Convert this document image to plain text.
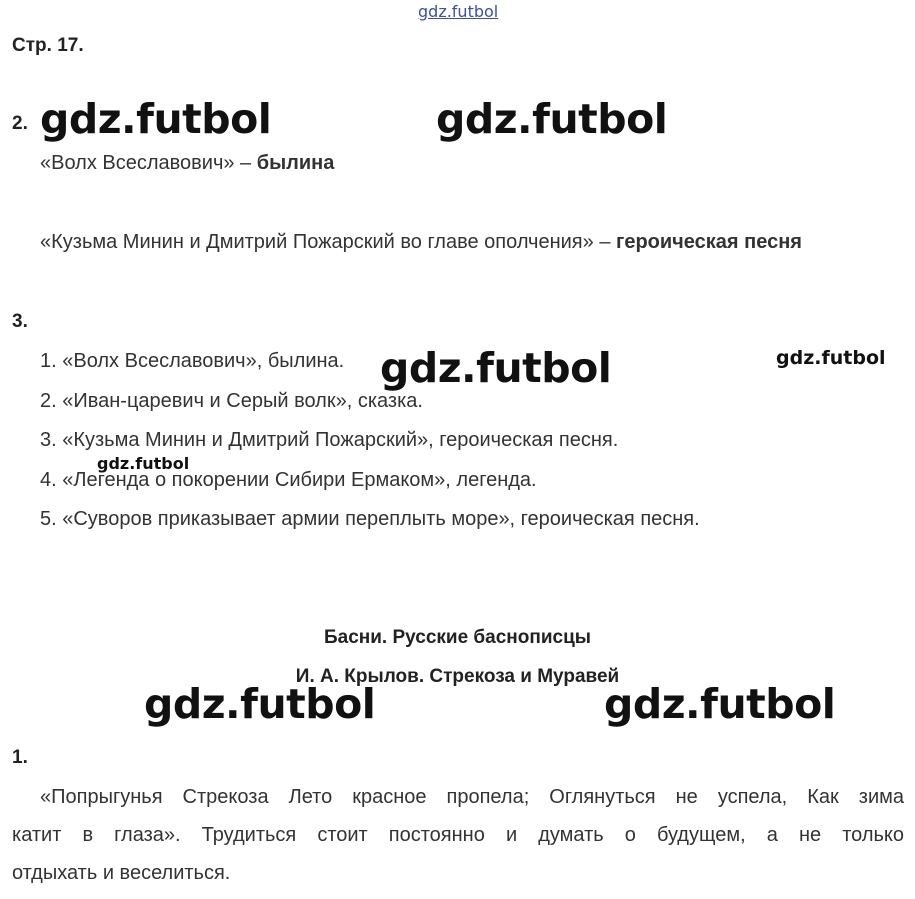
gdz.futbol
Стр. 17.
2. gdz.futbol	gdz.futbol
«Волх Всеславович» – былина
«Кузьма Минин и Дмитрий Пожарский во главе ополчения» – героическая песня
3.
1. «Волх Всеславович», былина.
2. «Иван-царевич и Серый волк», сказка.
3. «Кузьма Минин и Дмитрий Пожарский», героическая песня.
4. «Легенда о покорении Сибири Ермаком», легенда.
5. «Суворов приказывает армии переплыть море», героическая песня.
gdz.futbol	gdz.futbol
gdz.futbol
Басни. Русские баснописцы
И. А. Крылов. Стрекоза и Муравей
gdz.futbol	gdz.futbol
1.
«Попрыгунья Стрекоза Лето красное пропела; Оглянуться не успела, Как зима
катит в глаза». Трудиться стоит постоянно и думать о будущем, а не только
отдыхать и веселиться.
